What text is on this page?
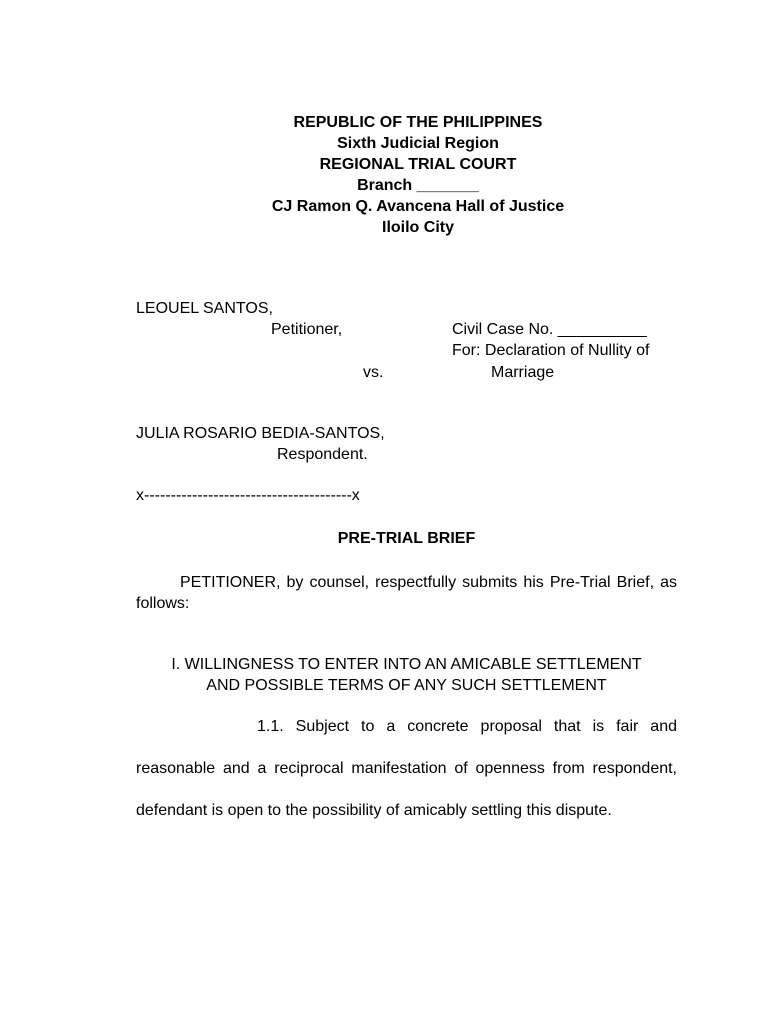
REPUBLIC OF THE PHILIPPINES
Sixth Judicial Region
REGIONAL TRIAL COURT
Branch _______
CJ Ramon Q. Avancena Hall of Justice
Iloilo City
LEOUEL SANTOS,
Petitioner,	Civil Case No. __________
For: Declaration of Nullity of
vs.	Marriage
JULIA ROSARIO BEDIA-SANTOS,
Respondent.
x---------------------------------------x
PRE-TRIAL BRIEF
PETITIONER, by counsel, respectfully submits his Pre-Trial Brief, as follows:
I. WILLINGNESS TO ENTER INTO AN AMICABLE SETTLEMENT
AND POSSIBLE TERMS OF ANY SUCH SETTLEMENT
1.1. Subject to a concrete proposal that is fair and reasonable and a reciprocal manifestation of openness from respondent, defendant is open to the possibility of amicably settling this dispute.
